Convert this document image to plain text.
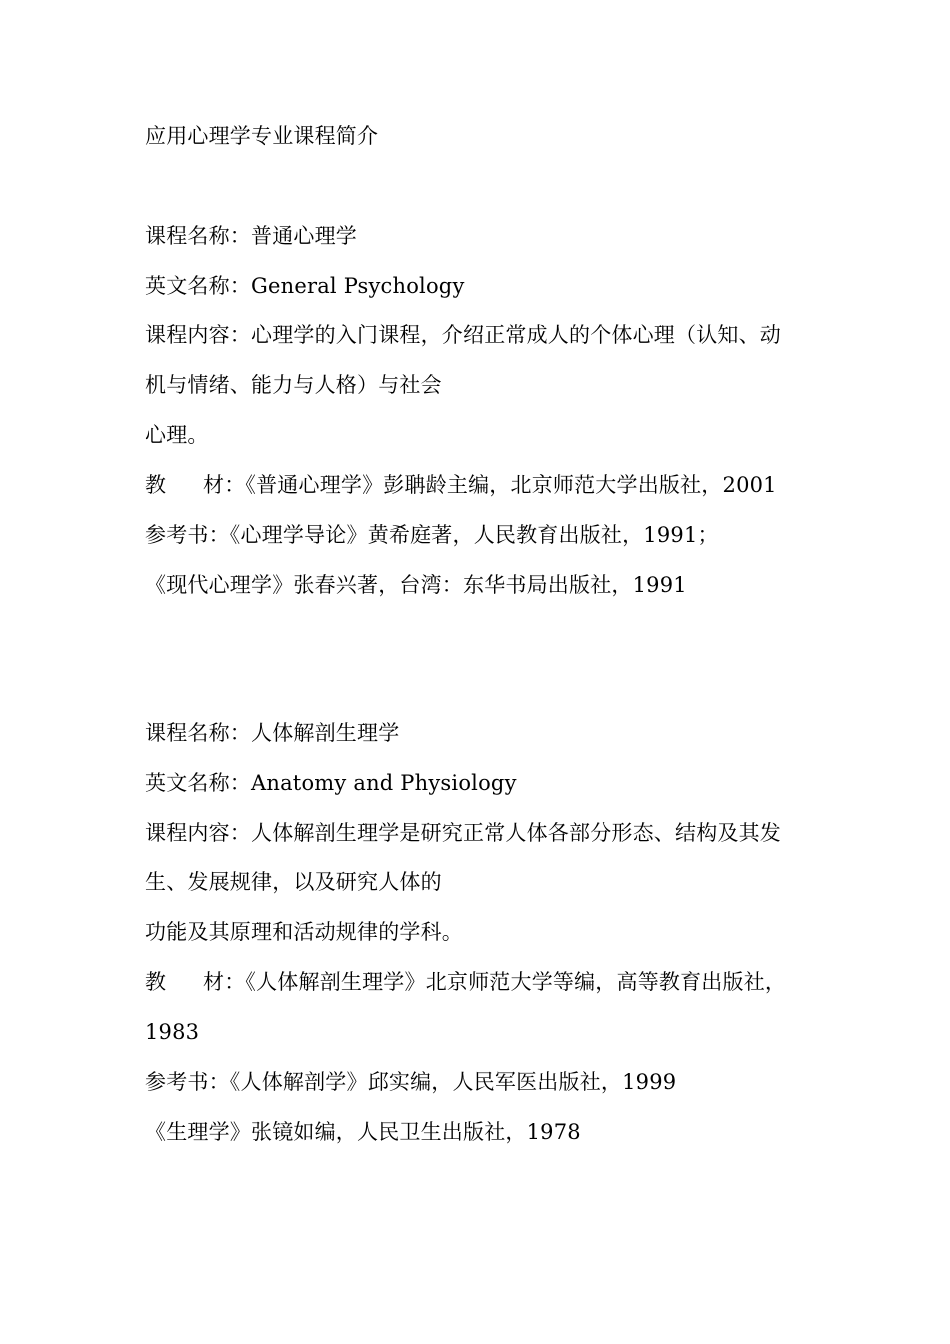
应用心理学专业课程简介
课程名称：普通心理学
英文名称：General Psychology
课程内容：心理学的入门课程，介绍正常成人的个体心理（认知、动
机与情绪、能力与人格）与社会
心理。
教 材：《普通心理学》彭聃龄主编，北京师范大学出版社，2001
参考书：《心理学导论》黄希庭著，人民教育出版社，1991；
《现代心理学》张春兴著，台湾：东华书局出版社，1991
课程名称：人体解剖生理学
英文名称：Anatomy and Physiology
课程内容：人体解剖生理学是研究正常人体各部分形态、结构及其发
生、发展规律，以及研究人体的
功能及其原理和活动规律的学科。
教 材：《人体解剖生理学》北京师范大学等编，高等教育出版社，
1983
参考书：《人体解剖学》邱实编，人民军医出版社，1999
《生理学》张镜如编，人民卫生出版社，1978
